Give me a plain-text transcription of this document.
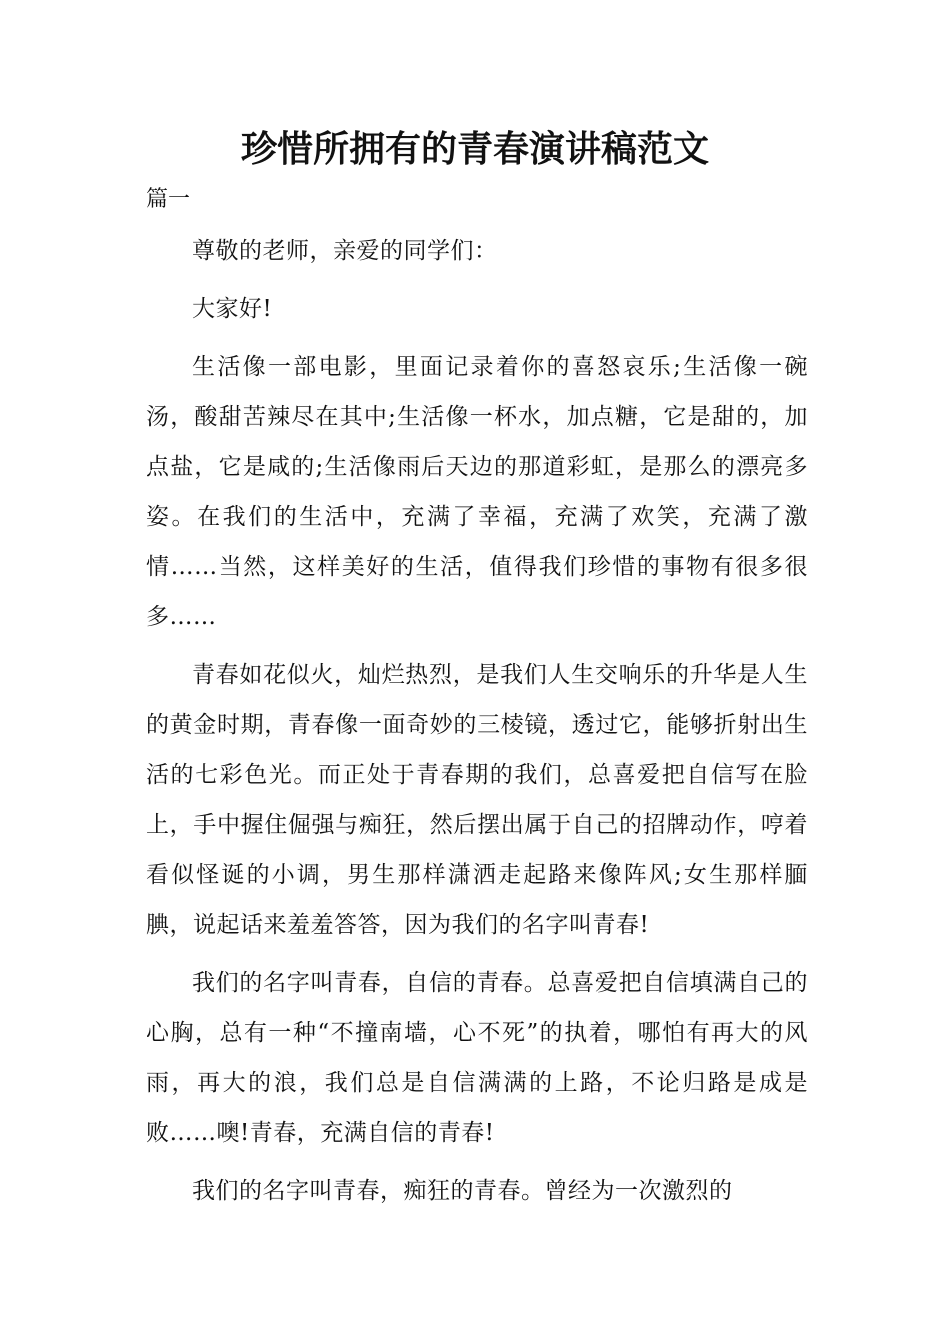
珍惜所拥有的青春演讲稿范文
篇一

尊敬的老师，亲爱的同学们：

大家好!

生活像一部电影，里面记录着你的喜怒哀乐;生活像一碗汤，酸甜苦辣尽在其中;生活像一杯水，加点糖，它是甜的，加点盐，它是咸的;生活像雨后天边的那道彩虹，是那么的漂亮多姿。在我们的生活中，充满了幸福，充满了欢笑，充满了激情……当然，这样美好的生活，值得我们珍惜的事物有很多很多……

青春如花似火，灿烂热烈，是我们人生交响乐的升华是人生的黄金时期，青春像一面奇妙的三棱镜，透过它，能够折射出生活的七彩色光。而正处于青春期的我们，总喜爱把自信写在脸上，手中握住倔强与痴狂，然后摆出属于自己的招牌动作，哼着看似怪诞的小调，男生那样潇洒走起路来像阵风;女生那样腼腆，说起话来羞羞答答，因为我们的名字叫青春!

我们的名字叫青春，自信的青春。总喜爱把自信填满自己的心胸，总有一种“不撞南墙，心不死”的执着，哪怕有再大的风雨，再大的浪，我们总是自信满满的上路，不论归路是成是败……噢!青春，充满自信的青春!

我们的名字叫青春，痴狂的青春。曾经为一次激烈的
